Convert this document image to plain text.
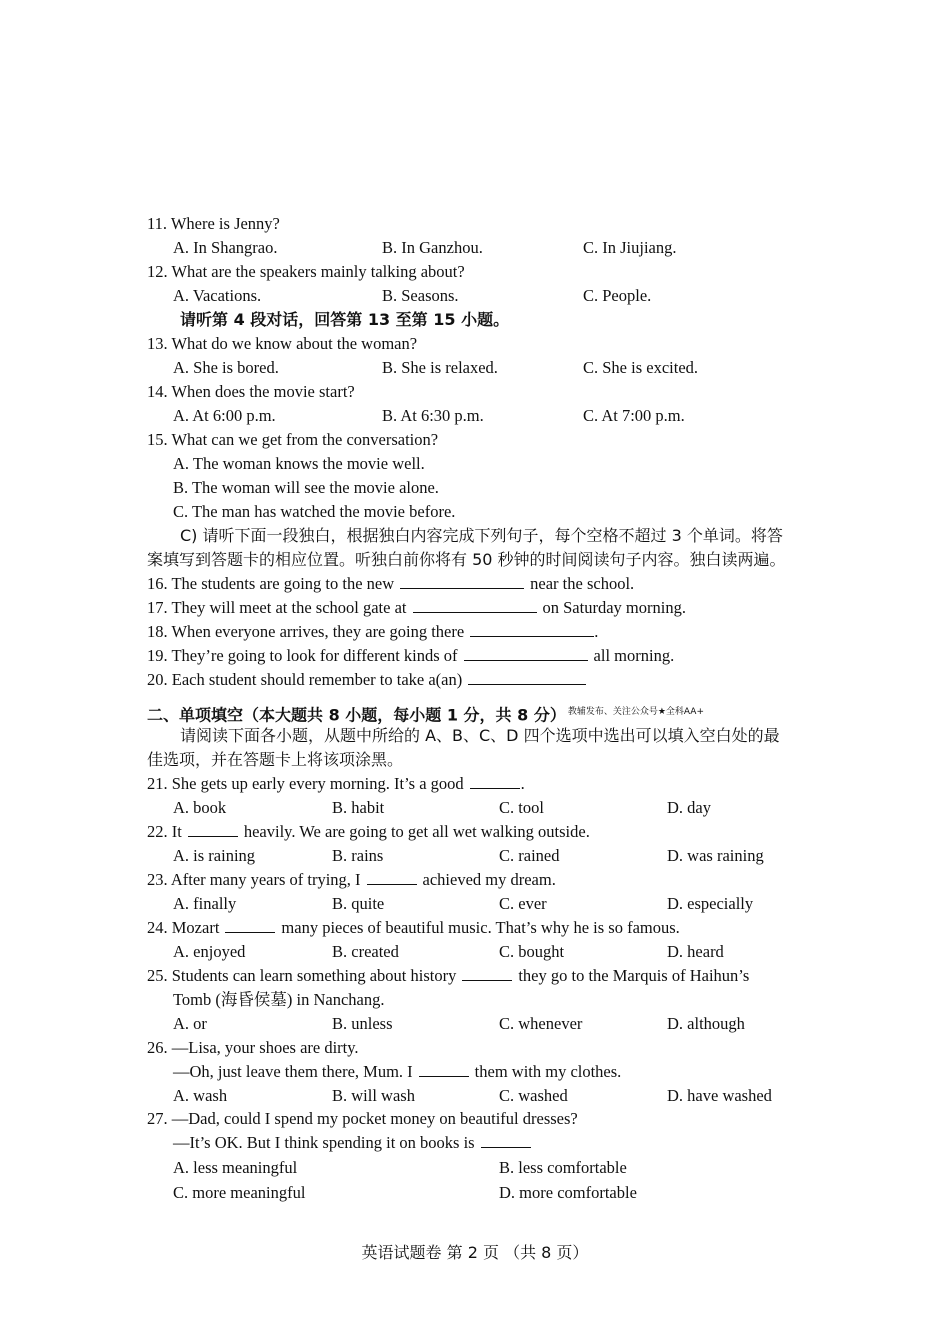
11. Where is Jenny?
A. In Shangrao.	B. In Ganzhou.	C. In Jiujiang.
12. What are the speakers mainly talking about?
A. Vacations.	B. Seasons.	C. People.
请听第 4 段对话，回答第 13 至第 15 小题。
13. What do we know about the woman?
A. She is bored.	B. She is relaxed.	C. She is excited.
14. When does the movie start?
A. At 6:00 p.m.	B. At 6:30 p.m.	C. At 7:00 p.m.
15. What can we get from the conversation?
A. The woman knows the movie well.
B. The woman will see the movie alone.
C. The man has watched the movie before.
C) 请听下面一段独白，根据独白内容完成下列句子，每个空格不超过 3 个单词。将答
案填写到答题卡的相应位置。听独白前你将有 50 秒钟的时间阅读句子内容。独白读两遍。
16. The students are going to the new	near the school.
17. They will meet at the school gate at	on Saturday morning.
18. When everyone arrives, they are going there	.
19. They’re going to look for different kinds of	all morning.
20. Each student should remember to take a(an)
二、单项填空（本大题共 8 小题，每小题 1 分，共 8 分） $^{教辅发布、关注公众号★全科AA+}$
请阅读下面各小题，从题中所给的 A、B、C、D 四个选项中选出可以填入空白处的最
佳选项，并在答题卡上将该项涂黑。
21. She gets up early every morning. It’s a good	.
A. book	B. habit	C. tool	D. day
22. It	heavily. We are going to get all wet walking outside.
A. is raining	B. rains	C. rained	D. was raining
23. After many years of trying, I	achieved my dream.
A. finally	B. quite	C. ever	D. especially
24. Mozart	many pieces of beautiful music. That’s why he is so famous.
A. enjoyed	B. created	C. bought	D. heard
25. Students can learn something about history	they go to the Marquis of Haihun’s
Tomb (海昏侯墓) in Nanchang.
A. or	B. unless	C. whenever	D. although
26. —Lisa, your shoes are dirty.
—Oh, just leave them there, Mum. I	them with my clothes.
A. wash	B. will wash	C. washed	D. have washed
27. —Dad, could I spend my pocket money on beautiful dresses?
—It’s OK. But I think spending it on books is
A. less meaningful	B. less comfortable
C. more meaningful	D. more comfortable
英语试题卷 第 2 页 （共 8 页）
